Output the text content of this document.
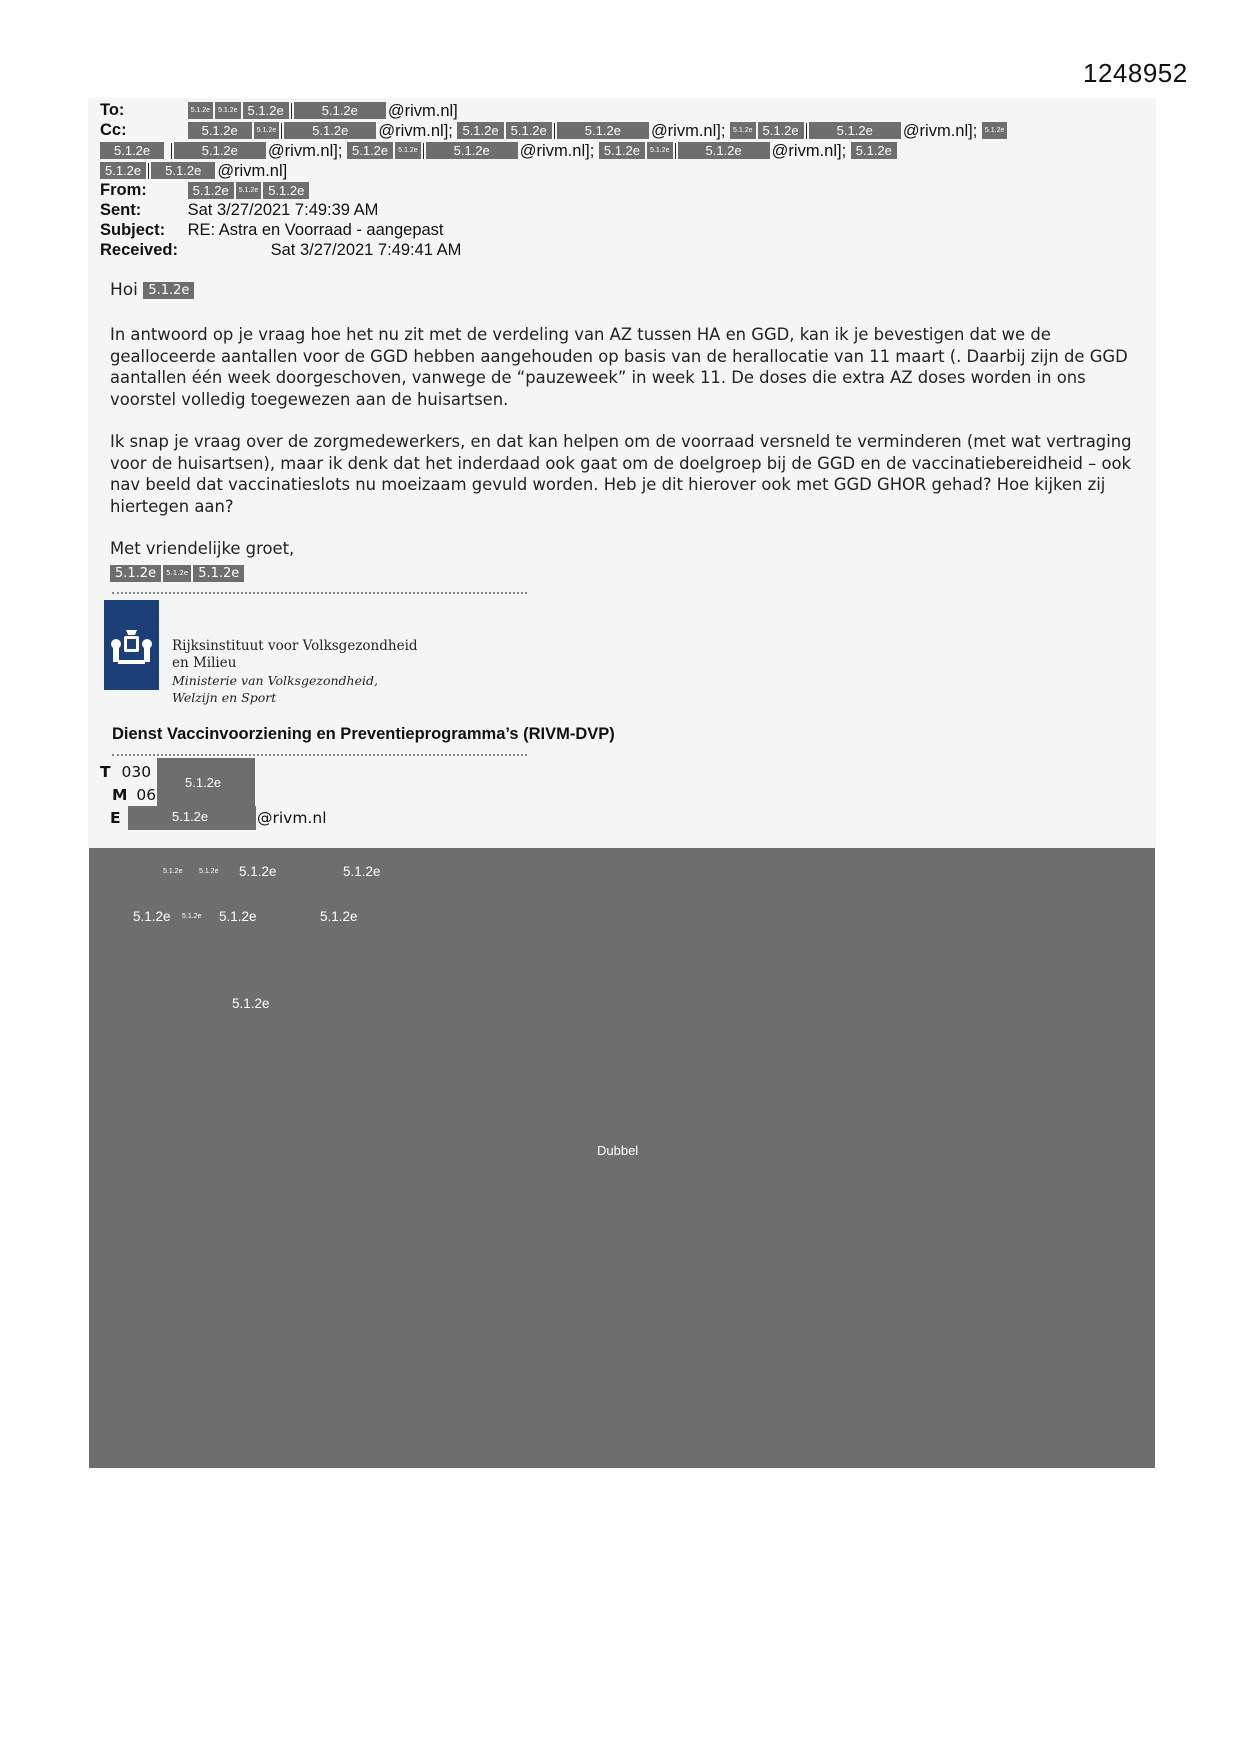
1248952
To:	5.1.2e 5.1.2e 5.1.2e	5.1.2e @rivm.nl]
Cc:	5.1.2e	5.1.2e	5.1.2e @rivm.nl]; 5.1.2e 5.1.2e	5.1.2e @rivm.nl]; 5.1.2e 5.1.2e	5.1.2e @rivm.nl]; 5.1.2e
5.1.2e	5.1.2e @rivm.nl]; 5.1.2e 5.1.2e	5.1.2e @rivm.nl]; 5.1.2e 5.1.2e	5.1.2e @rivm.nl]; 5.1.2e
5.1.2e 5.1.2e @rivm.nl]
From:	5.1.2e 5.1.2e 5.1.2e
Sent:	Sat 3/27/2021 7:49:39 AM
Subject: RE: Astra en Voorraad - aangepast
Received:	Sat 3/27/2021 7:49:41 AM
Hoi 5.1.2e

In antwoord op je vraag hoe het nu zit met de verdeling van AZ tussen HA en GGD, kan ik je bevestigen dat we de gealloceerde aantallen voor de GGD hebben aangehouden op basis van de herallocatie van 11 maart (. Daarbij zijn de GGD aantallen één week doorgeschoven, vanwege de “pauzeweek” in week 11. De doses die extra AZ doses worden in ons voorstel volledig toegewezen aan de huisartsen.

Ik snap je vraag over de zorgmedewerkers, en dat kan helpen om de voorraad versneld te verminderen (met wat vertraging voor de huisartsen), maar ik denk dat het inderdaad ook gaat om de doelgroep bij de GGD en de vaccinatiebereidheid – ook nav beeld dat vaccinatieslots nu moeizaam gevuld worden. Heb je dit hierover ook met GGD GHOR gehad? Hoe kijken zij hiertegen aan?

Met vriendelijke groet,

5.1.2e 5.1.2e 5.1.2e
Rijksinstituut voor Volksgezondheid
en Milieu
Ministerie van Volksgezondheid,
Welzijn en Sport
Dienst Vaccinvoorziening en Preventieprogramma’s (RIVM-DVP)
T 030
M 06
5.1.2e
E	5.1.2e	@rivm.nl
5.1.2e 5.1.2e 5.1.2e	5.1.2e
5.1.2e 5.1.2e 5.1.2e	5.1.2e
5.1.2e
Dubbel
